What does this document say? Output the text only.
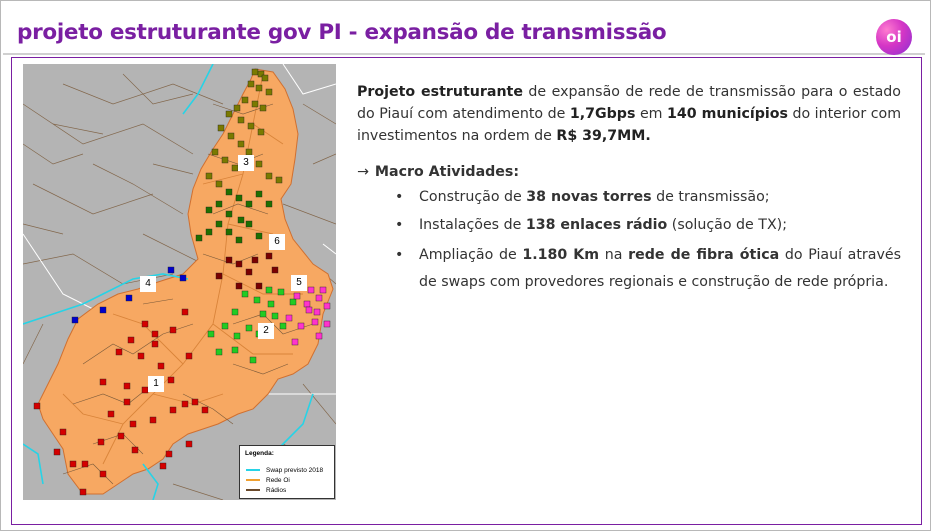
projeto estruturante gov PI - expansão de transmissão	oi
3
6
4	5
2
1
Legenda:
Swap previsto 2018
Rede Oi
Rádios
Projeto estruturante de expansão de rede de transmissão para o estado do Piauí com atendimento de 1,7Gbps em 140 municípios do interior com investimentos na ordem de R$ 39,7MM.
→ Macro Atividades:
• Construção de 38 novas torres de transmissão;
• Instalações de 138 enlaces rádio (solução de TX);
• Ampliação de 1.180 Km na rede de fibra ótica do Piauí através de swaps com provedores regionais e construção de rede própria.
